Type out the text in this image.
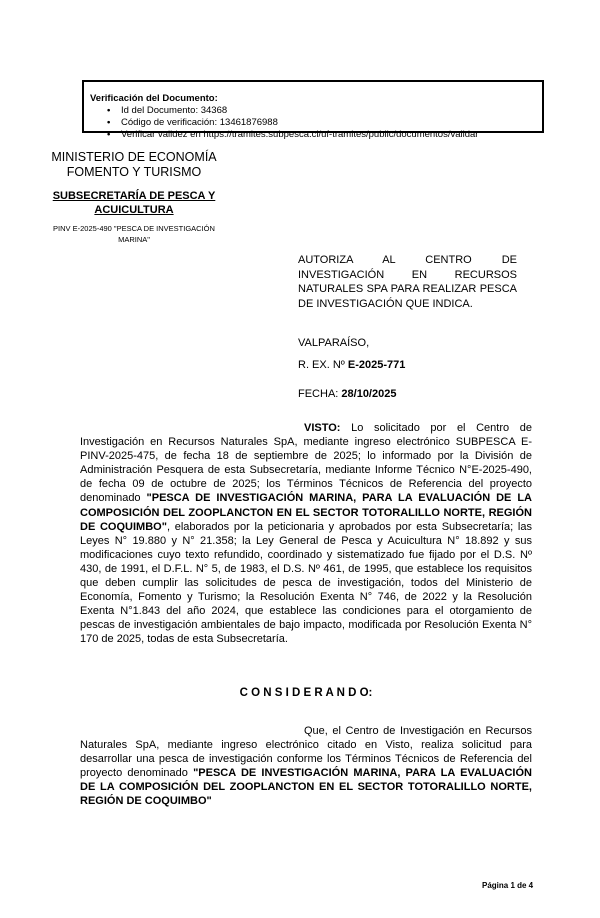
Verificación del Documento:
• Id del Documento: 34368
• Código de verificación: 13461876988
• Verificar validez en https://tramites.subpesca.cl/uf-tramites/public/documentos/validar
MINISTERIO DE ECONOMÍA
FOMENTO Y TURISMO
SUBSECRETARÍA DE PESCA Y
ACUICULTURA
PINV E-2025-490 "PESCA DE INVESTIGACIÓN MARINA"
AUTORIZA AL CENTRO DE INVESTIGACIÓN EN RECURSOS NATURALES SPA PARA REALIZAR PESCA DE INVESTIGACIÓN QUE INDICA.
VALPARAÍSO,
R. EX. Nº E-2025-771
FECHA: 28/10/2025
VISTO: Lo solicitado por el Centro de Investigación en Recursos Naturales SpA, mediante ingreso electrónico SUBPESCA E-PINV-2025-475, de fecha 18 de septiembre de 2025; lo informado por la División de Administración Pesquera de esta Subsecretaría, mediante Informe Técnico N°E-2025-490, de fecha 09 de octubre de 2025; los Términos Técnicos de Referencia del proyecto denominado "PESCA DE INVESTIGACIÓN MARINA, PARA LA EVALUACIÓN DE LA COMPOSICIÓN DEL ZOOPLANCTON EN EL SECTOR TOTORALILLO NORTE, REGIÓN DE COQUIMBO", elaborados por la peticionaria y aprobados por esta Subsecretaría; las Leyes N° 19.880 y N° 21.358; la Ley General de Pesca y Acuicultura N° 18.892 y sus modificaciones cuyo texto refundido, coordinado y sistematizado fue fijado por el D.S. Nº 430, de 1991, el D.F.L. N° 5, de 1983, el D.S. Nº 461, de 1995, que establece los requisitos que deben cumplir las solicitudes de pesca de investigación, todos del Ministerio de Economía, Fomento y Turismo; la Resolución Exenta N° 746, de 2022 y la Resolución Exenta N°1.843 del año 2024, que establece las condiciones para el otorgamiento de pescas de investigación ambientales de bajo impacto, modificada por Resolución Exenta N° 170 de 2025, todas de esta Subsecretaría.
C O N S I D E R A N D O:
Que, el Centro de Investigación en Recursos Naturales SpA, mediante ingreso electrónico citado en Visto, realiza solicitud para desarrollar una pesca de investigación conforme los Términos Técnicos de Referencia del proyecto denominado "PESCA DE INVESTIGACIÓN MARINA, PARA LA EVALUACIÓN DE LA COMPOSICIÓN DEL ZOOPLANCTON EN EL SECTOR TOTORALILLO NORTE, REGIÓN DE COQUIMBO"
Página 1 de 4
